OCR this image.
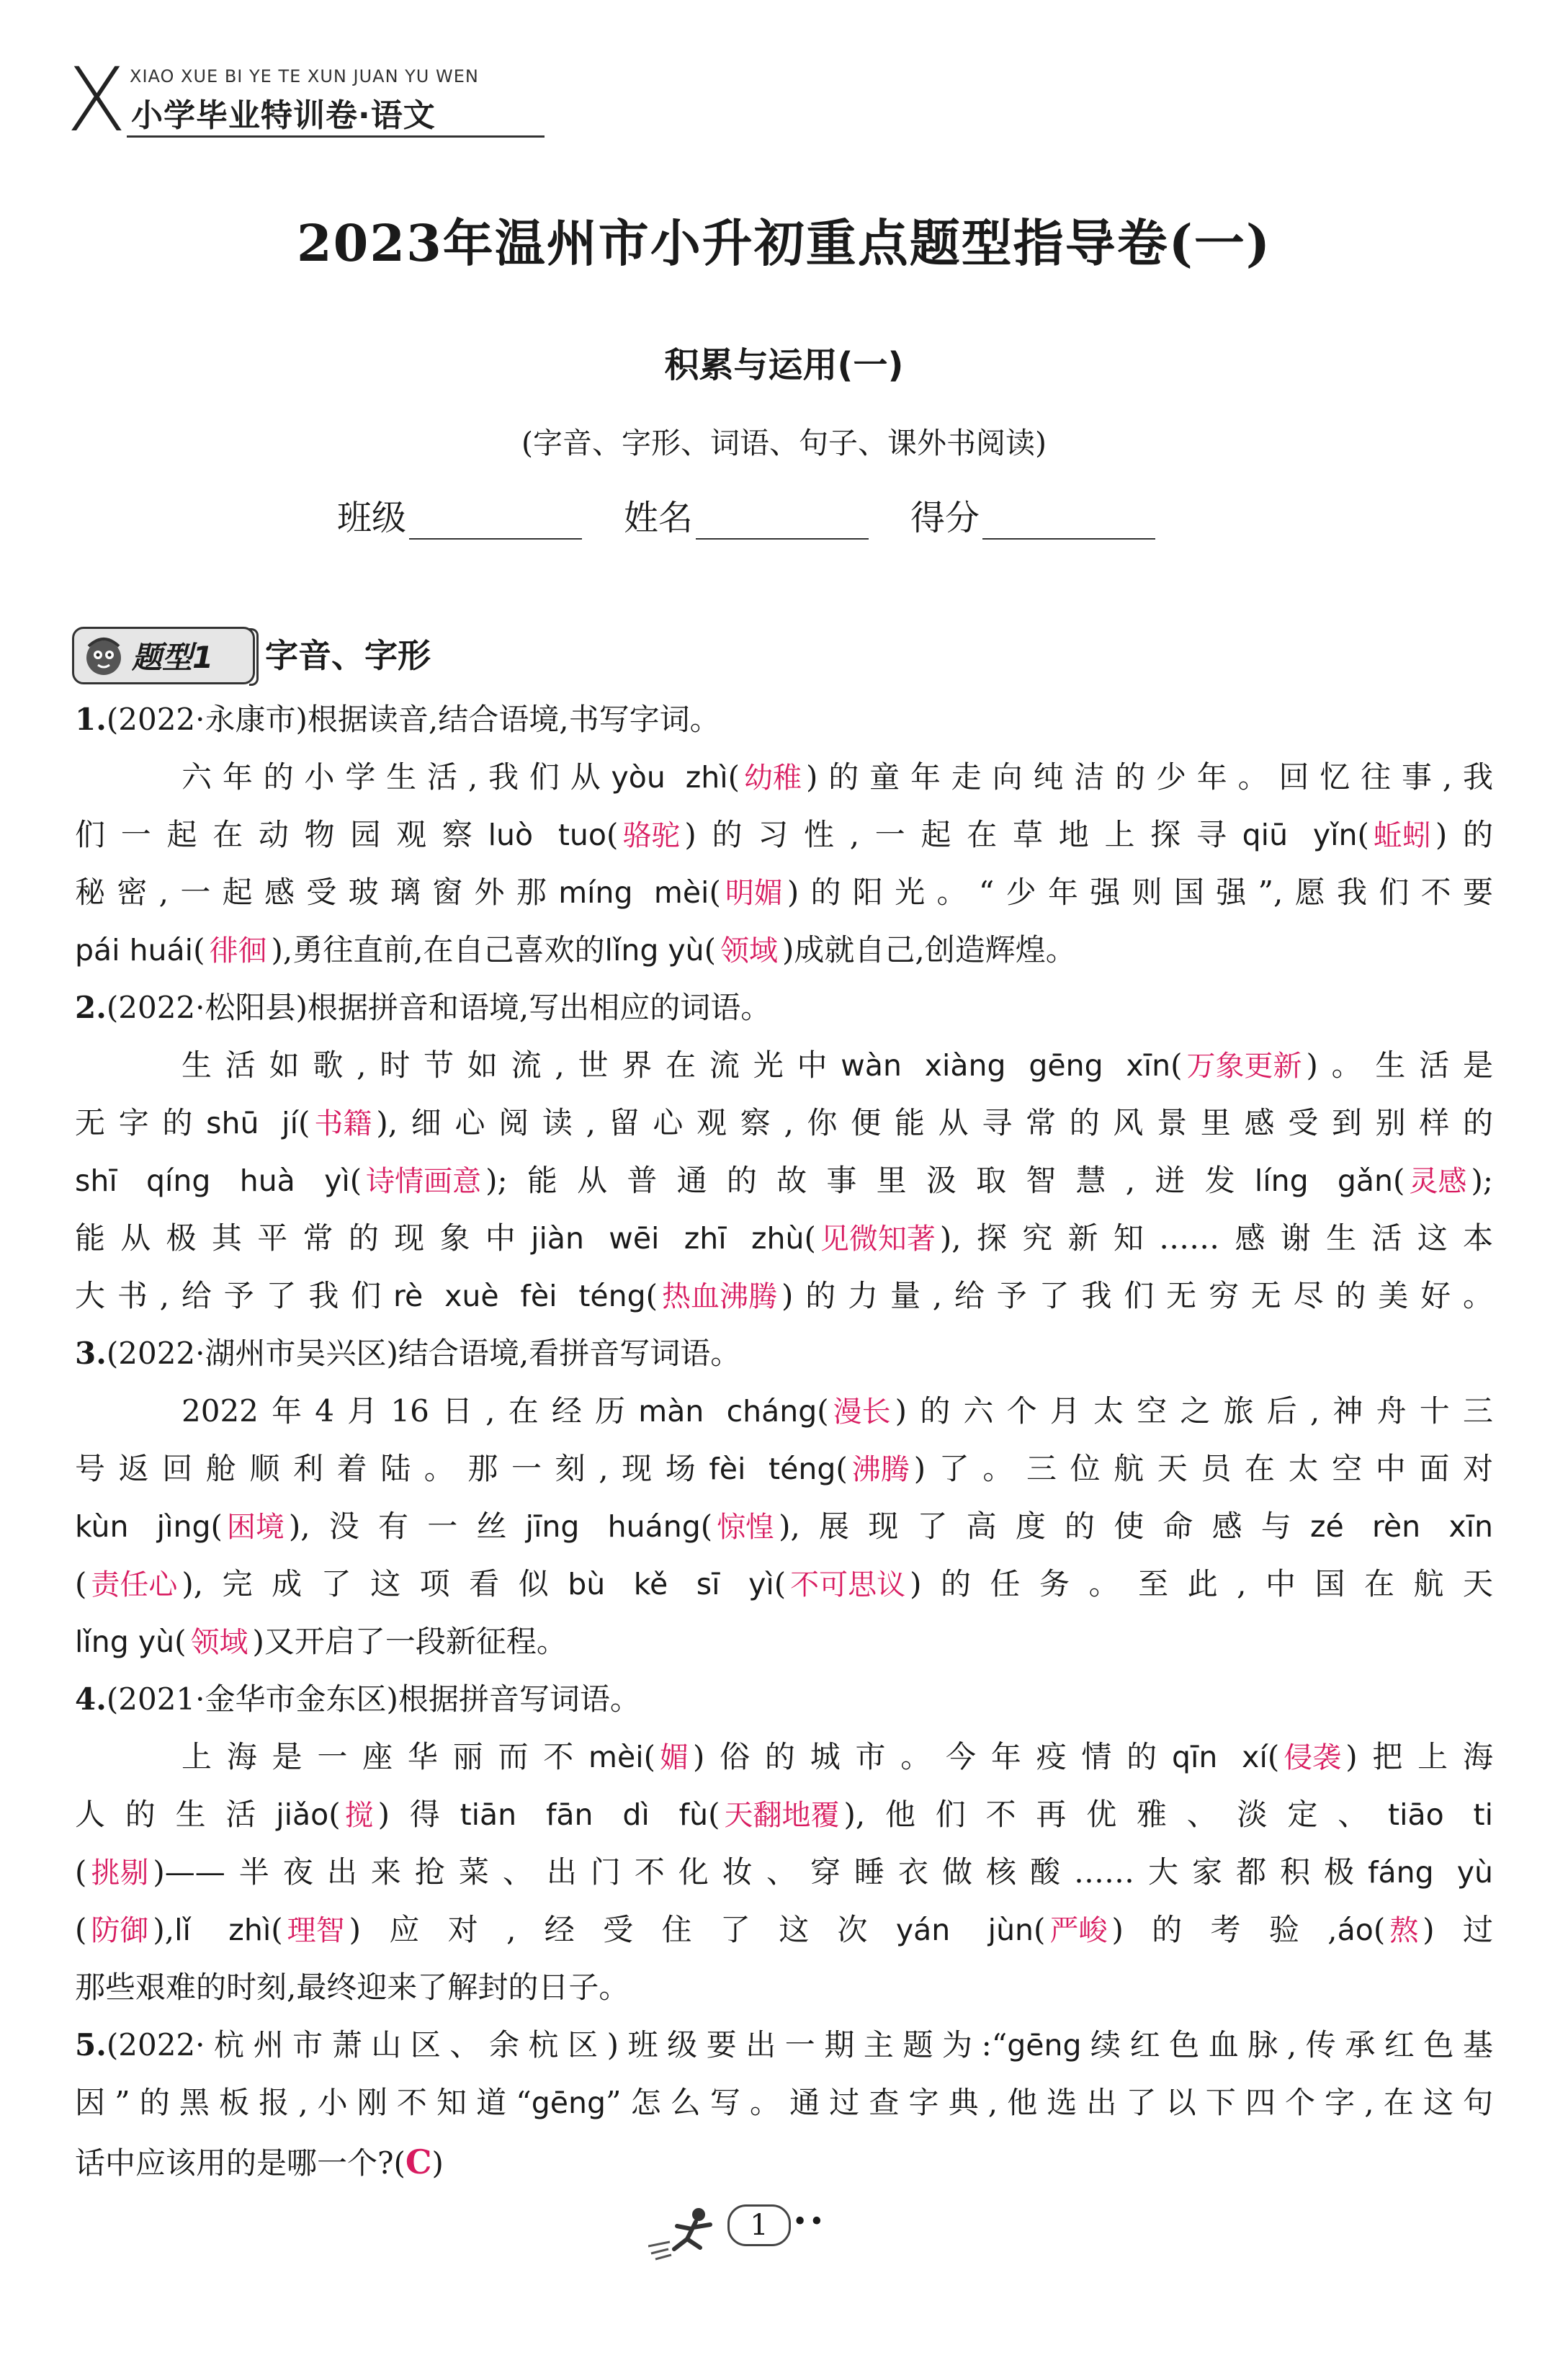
X XIAO XUE BI YE TE XUN JUAN YU WEN
小学毕业特训卷·语文
2023年温州市小升初重点题型指导卷(一)
积累与运用(一)
(字音、字形、词语、句子、课外书阅读)
班级	姓名	得分
题型1 字音、字形
1.(2022·永康市)根据读音,结合语境,书写字词。
六年的小学生活,我们从yòu zhì( 幼稚 )的童年走向纯洁的少年。回忆往事,我
们一起在动物园观察luò tuo( 骆驼 )的习性,一起在草地上探寻qiū yǐn( 蚯蚓 )的
秘密,一起感受玻璃窗外那míng mèi( 明媚 )的阳光。“少年强则国强”,愿我们不要
pái huái( 徘徊 ),勇往直前,在自己喜欢的lǐng yù( 领域 )成就自己,创造辉煌。
2.(2022·松阳县)根据拼音和语境,写出相应的词语。
生活如歌,时节如流,世界在流光中wàn xiàng gēng xīn( 万象更新 )。生活是
无字的shū jí( 书籍 ),细心阅读,留心观察,你便能从寻常的风景里感受到别样的
shī qíng huà yì( 诗情画意 );能从普通的故事里汲取智慧,迸发líng gǎn( 灵感 );
能从极其平常的现象中jiàn wēi zhī zhù( 见微知著 ),探究新知……感谢生活这本
大书,给予了我们rè xuè fèi téng( 热血沸腾 )的力量,给予了我们无穷无尽的美好。
3.(2022·湖州市吴兴区)结合语境,看拼音写词语。
2022年4月16日,在经历màn cháng( 漫长 )的六个月太空之旅后,神舟十三
号返回舱顺利着陆。那一刻,现场fèi téng( 沸腾 )了。三位航天员在太空中面对
kùn jìng( 困境 ),没有一丝jīng huáng( 惊惶 ),展现了高度的使命感与zé rèn xīn
( 责任心 ),完成了这项看似bù kě sī yì( 不可思议 )的任务。至此,中国在航天
lǐng yù( 领域 )又开启了一段新征程。
4.(2021·金华市金东区)根据拼音写词语。
上海是一座华丽而不mèi( 媚 )俗的城市。今年疫情的qīn xí( 侵袭 )把上海
人的生活jiǎo( 搅 )得tiān fān dì fù( 天翻地覆 ),他们不再优雅、淡定、tiāo ti
( 挑剔 )——半夜出来抢菜、出门不化妆、穿睡衣做核酸……大家都积极fáng yù
( 防御 ),lǐ zhì( 理智 )应对,经受住了这次yán jùn( 严峻 )的考验,áo( 熬 )过
那些艰难的时刻,最终迎来了解封的日子。
5.(2022·杭州市萧山区、余杭区)班级要出一期主题为:“gēng续红色血脉,传承红色基
因”的黑板报,小刚不知道“gēng”怎么写。通过查字典,他选出了以下四个字,在这句
话中应该用的是哪一个?(C)
1 ••
